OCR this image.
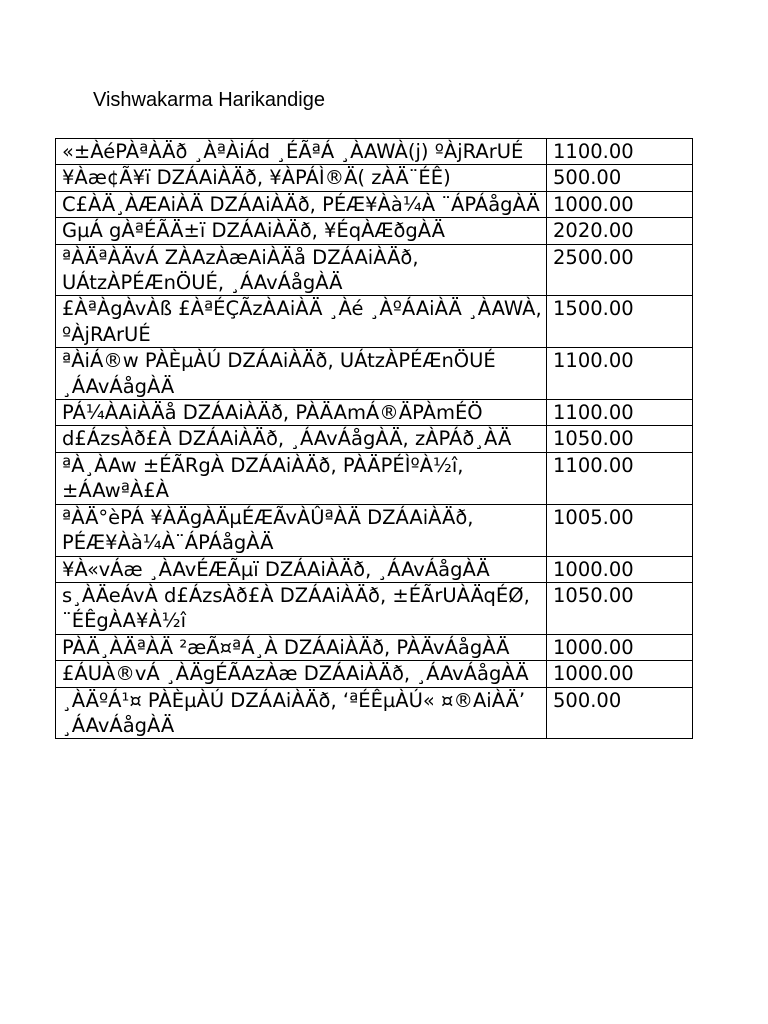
Vishwakarma Harikandige
«±ÀéPÀªÀÄð ¸ÀªÀiÁd ¸ÉÃªÁ ¸ÀAWÀ(j) ºÀjRArUÉ	1100.00
¥Àæ¢Ã¥ï DZÁAiÀÄð, ¥ÀPÁÌ®Ä( zÀÄ¨ÉÊ)	500.00
C£ÀÄ¸ÀÆAiÀÄ DZÁAiÀÄð, PÉÆ¥Àà¼À ¨ÁPÁågÀÄ	1000.00
GµÁ gÀªÉÃÄ±ï DZÁAiÀÄð, ¥ÉqÀÆðgÀÄ	2020.00
ªÀÄªÀÄvÁ ZÀAzÀæAiÀÄå DZÁAiÀÄð, UÁtzÀPÉÆnÖUÉ, ¸ÁAvÁågÀÄ	2500.00
£ÀªÀgÀvÀß £ÀªÉÇÃzÀAiÀÄ ¸Àé ¸ÀºÁAiÀÄ ¸ÀAWÀ, ºÀjRArUÉ	1500.00
ªÀiÁ®w PÀÈµÀÚ DZÁAiÀÄð, UÁtzÀPÉÆnÖUÉ ¸ÁAvÁågÀÄ	1100.00
PÁ¼ÀAiÀÄå DZÁAiÀÄð, PÀÄAmÁ®ÄPÀmÉÖ	1100.00
d£ÁzsÀð£À DZÁAiÀÄð, ¸ÁAvÁågÀÄ, zÀPÁð¸ÀÄ	1050.00
ªÀ¸ÀAw ±ÉÃRgÀ DZÁAiÀÄð, PÀÄPÉÌºÀ½î, ±ÁAwªÀ£À	1100.00
ªÀÄ°èPÁ ¥ÀÄgÀÄµÉÆÃvÀÛªÀÄ DZÁAiÀÄð, PÉÆ¥Àà¼À¨ÁPÁågÀÄ	1005.00
¥À«vÁæ ¸ÀAvÉÆÃµï DZÁAiÀÄð, ¸ÁAvÁågÀÄ	1000.00
s¸ÀÄeÁvÀ d£ÁzsÀð£À DZÁAiÀÄð, ±ÉÃrUÀÄqÉØ, ¨ÉÊgÀA¥À½î	1050.00
PÀÄ¸ÀÄªÀÄ ²æÃ¤ªÁ¸À DZÁAiÀÄð, PÀÄvÁågÀÄ	1000.00
£ÁUÀ®vÁ ¸ÀÄgÉÃAzÀæ DZÁAiÀÄð, ¸ÁAvÁågÀÄ	1000.00
¸ÀÄºÁ¹¤ PÀÈµÀÚ DZÁAiÀÄð, ‘ªÉÊµÀÚ« ¤®AiÀÄ’ ¸ÁAvÁågÀÄ	500.00
